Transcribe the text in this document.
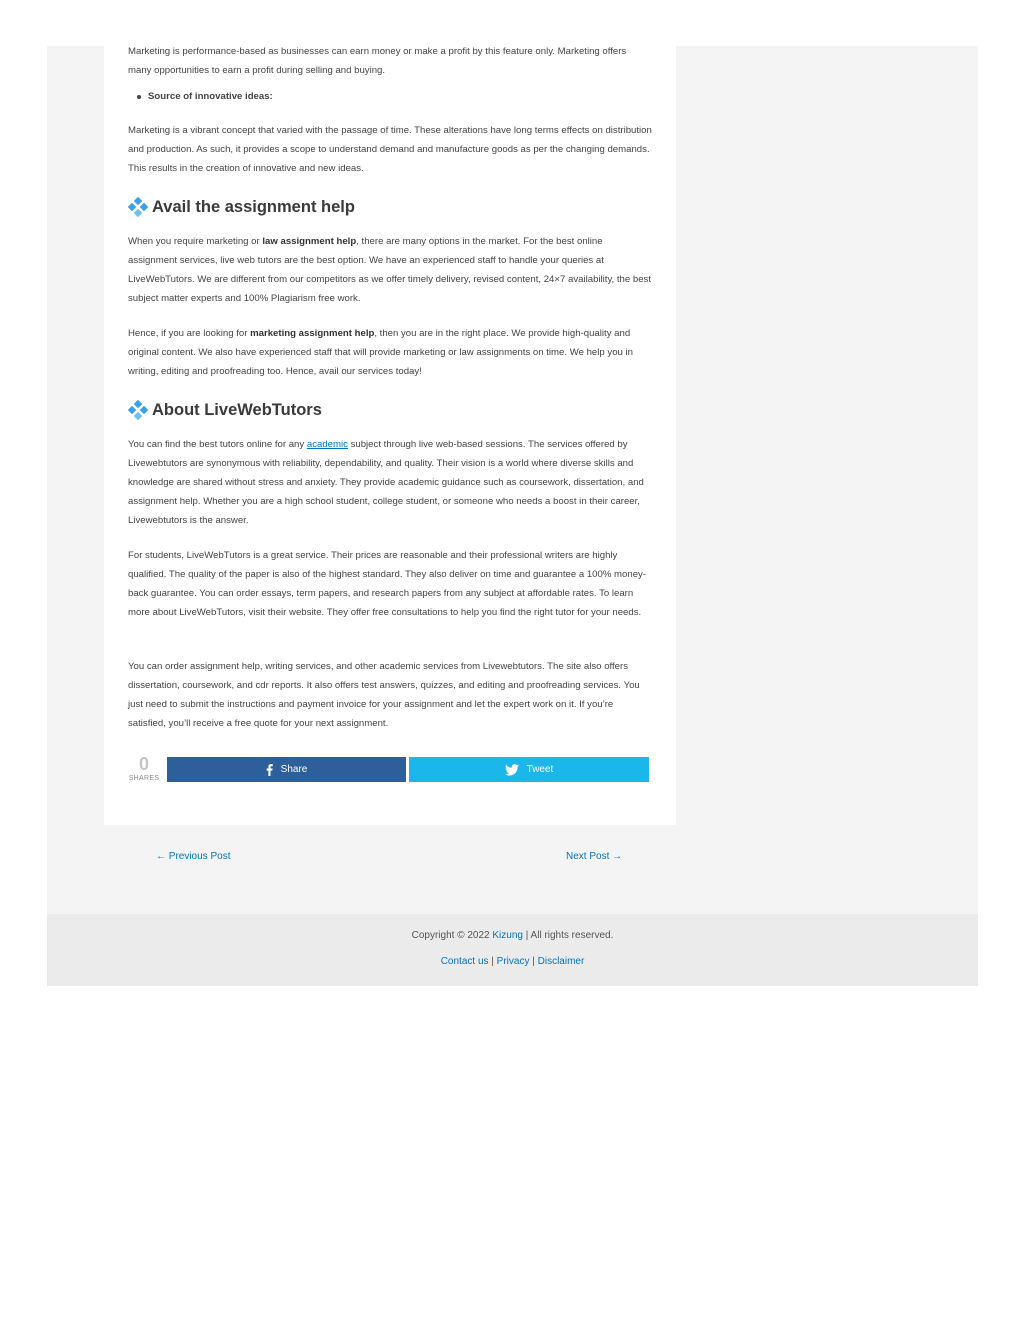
Marketing is performance-based as businesses can earn money or make a profit by this feature only. Marketing offers many opportunities to earn a profit during selling and buying.

Source of innovative ideas:

Marketing is a vibrant concept that varied with the passage of time. These alterations have long terms effects on distribution and production. As such, it provides a scope to understand demand and manufacture goods as per the changing demands. This results in the creation of innovative and new ideas.

Avail the assignment help

When you require marketing or law assignment help, there are many options in the market. For the best online assignment services, live web tutors are the best option. We have an experienced staff to handle your queries at LiveWebTutors. We are different from our competitors as we offer timely delivery, revised content, 24×7 availability, the best subject matter experts and 100% Plagiarism free work.

Hence, if you are looking for marketing assignment help, then you are in the right place. We provide high-quality and original content. We also have experienced staff that will provide marketing or law assignments on time. We help you in writing, editing and proofreading too. Hence, avail our services today!

About LiveWebTutors

You can find the best tutors online for any academic subject through live web-based sessions. The services offered by Livewebtutors are synonymous with reliability, dependability, and quality. Their vision is a world where diverse skills and knowledge are shared without stress and anxiety. They provide academic guidance such as coursework, dissertation, and assignment help. Whether you are a high school student, college student, or someone who needs a boost in their career, Livewebtutors is the answer.

For students, LiveWebTutors is a great service. Their prices are reasonable and their professional writers are highly qualified. The quality of the paper is also of the highest standard. They also deliver on time and guarantee a 100% money-back guarantee. You can order essays, term papers, and research papers from any subject at affordable rates. To learn more about LiveWebTutors, visit their website. They offer free consultations to help you find the right tutor for your needs.

You can order assignment help, writing services, and other academic services from Livewebtutors. The site also offers dissertation, coursework, and cdr reports. It also offers test answers, quizzes, and editing and proofreading services. You just need to submit the instructions and payment invoice for your assignment and let the expert work on it. If you’re satisfied, you’ll receive a free quote for your next assignment.

0
SHARES
Share	Tweet
← Previous Post	Next Post →
Copyright © 2022 Kizung | All rights reserved.
Contact us | Privacy | Disclaimer
